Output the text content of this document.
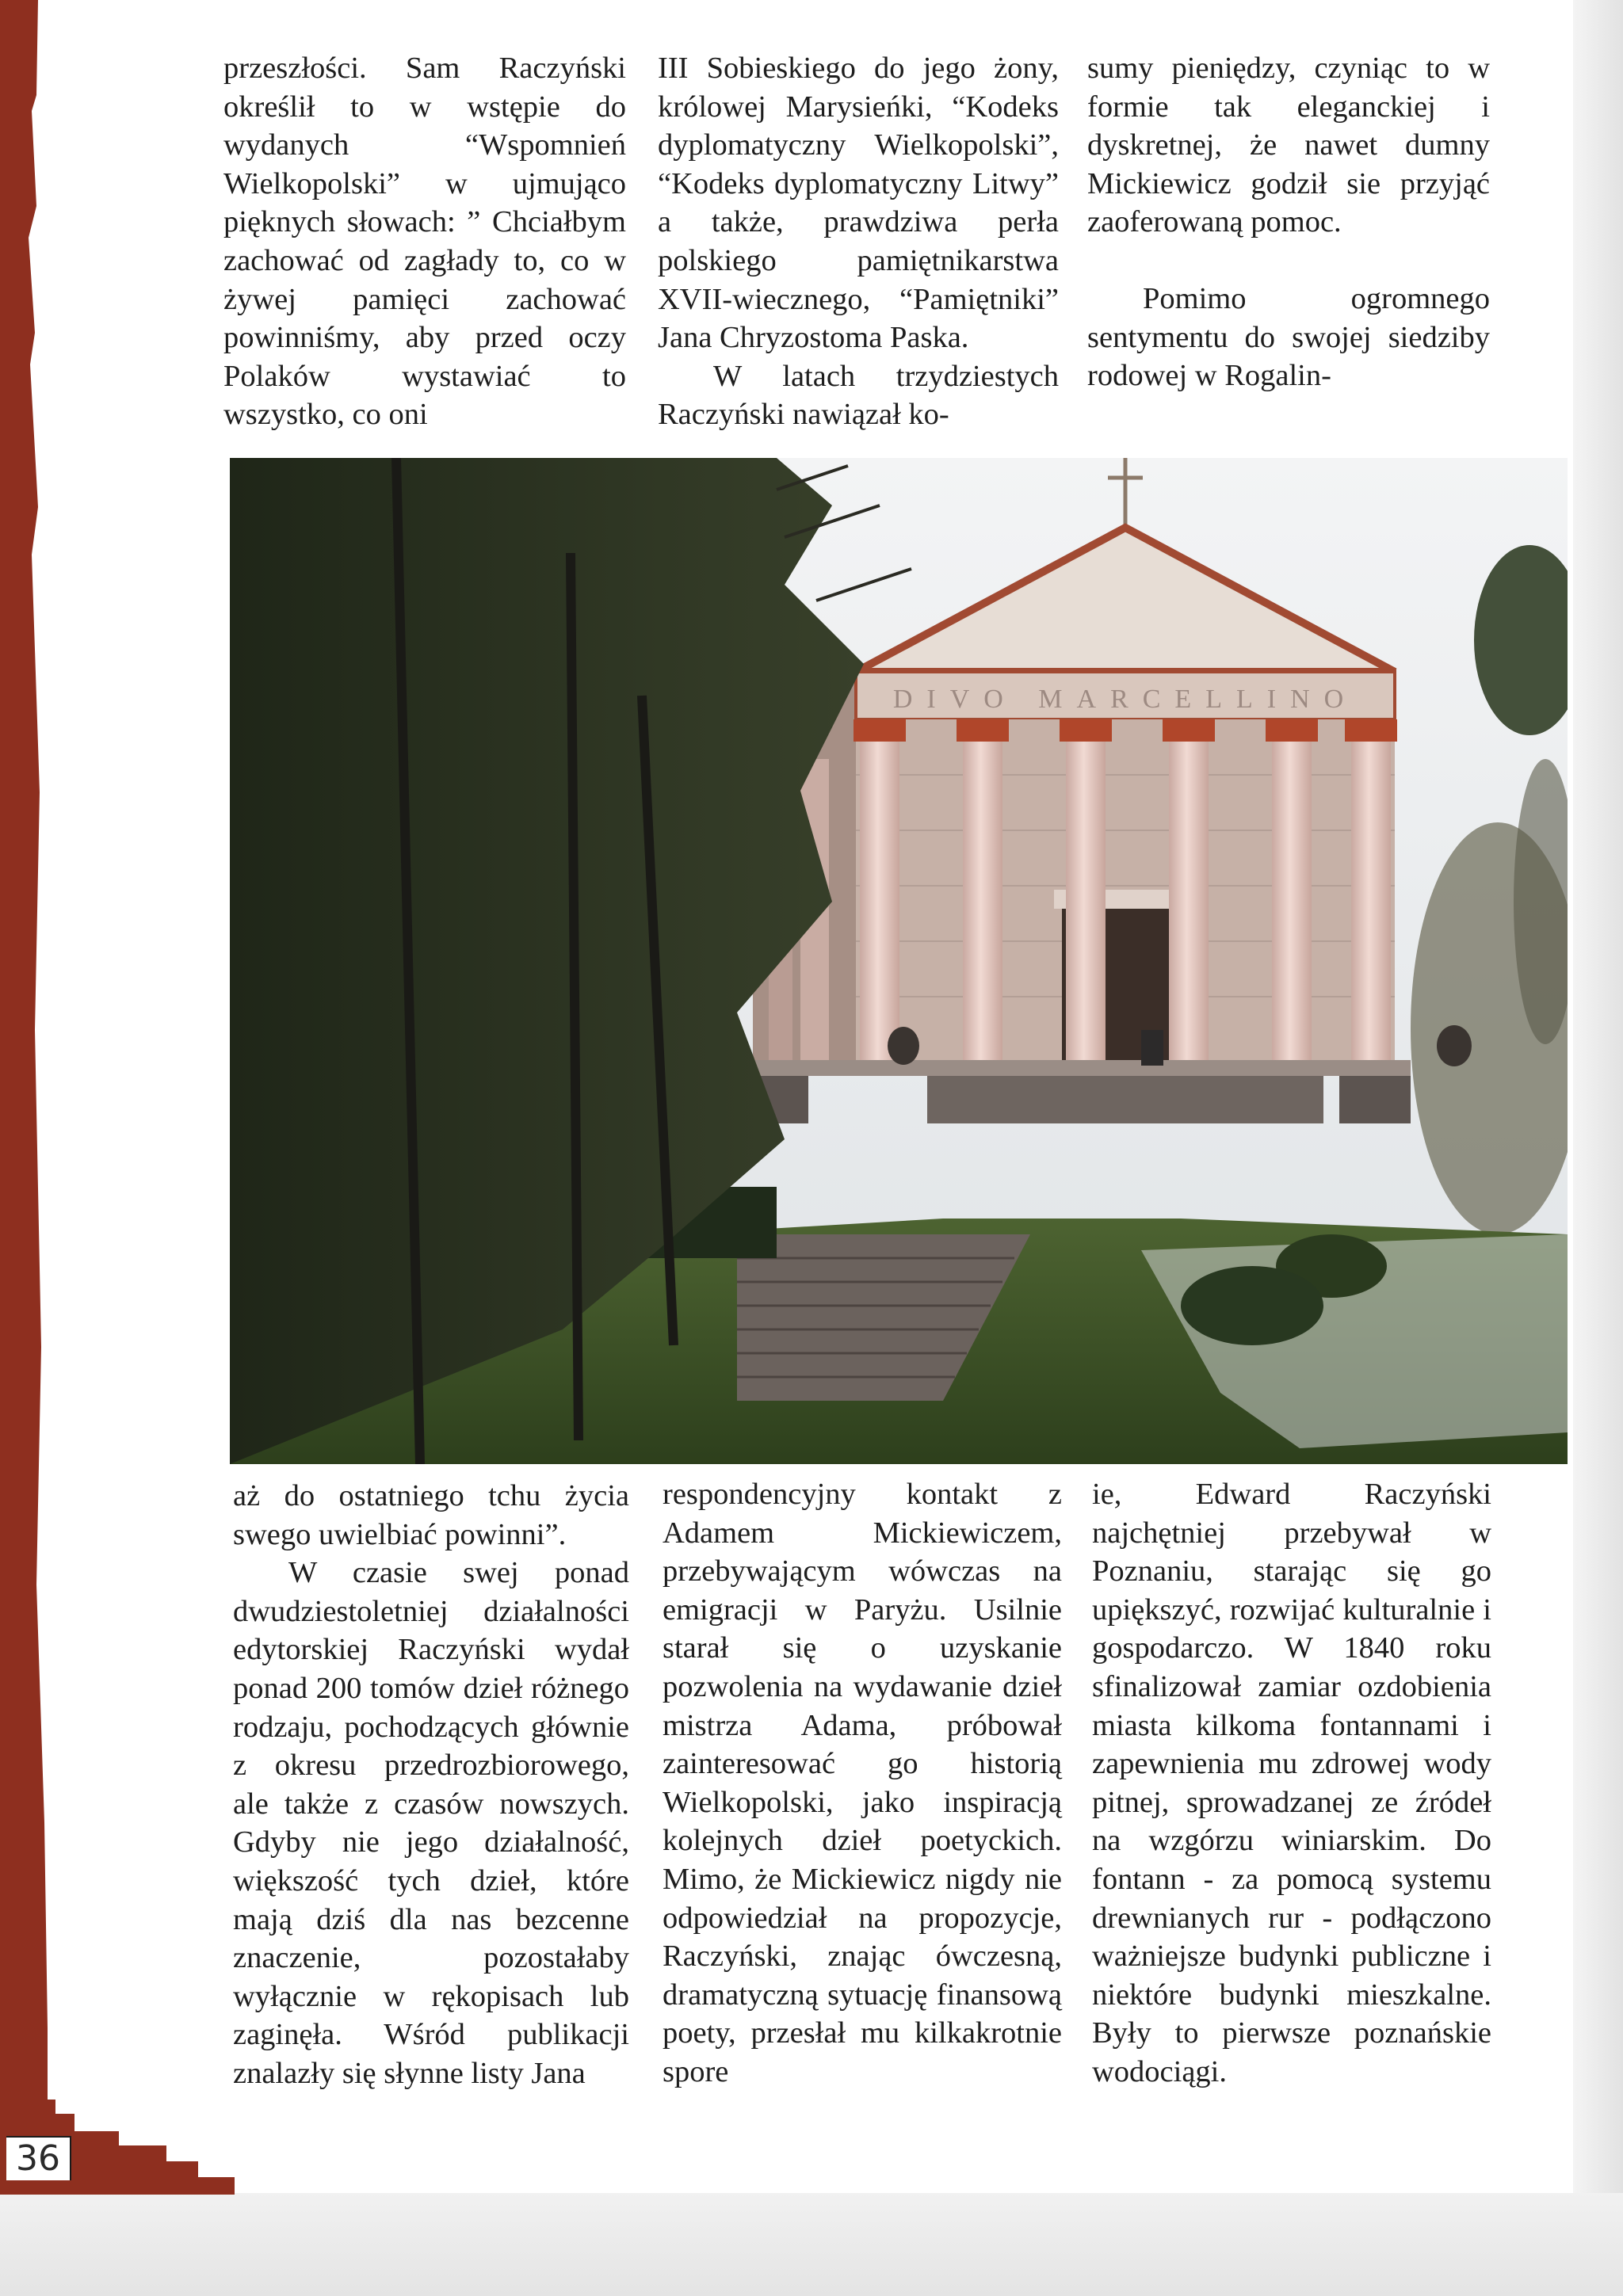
przeszłości. Sam Raczyński określił to w wstępie do wydanych “Wspomnień Wielkopolski” w ujmująco pięknych słowach: ” Chciałbym zachować od zagłady to, co w żywej pamięci zachować powinniśmy, aby przed oczy Polaków wystawiać to wszystko, co oni

III Sobieskiego do jego żony, królowej Marysieńki, “Kodeks dyplomatyczny Wielkopolski”, “Kodeks dyplomatyczny Litwy” a także, prawdziwa perła polskiego pamiętnikarstwa XVII-wiecznego, “Pamiętniki” Jana Chryzostoma Paska.

W latach trzydziestych Raczyński nawiązał ko-

sumy pieniędzy, czyniąc to w formie tak eleganckiej i dyskretnej, że nawet dumny Mickiewicz godził sie przyjąć zaoferowaną pomoc.

Pomimo ogromnego sentymentu do swojej siedziby rodowej w Rogalin-

DIVO MARCELLINO

aż do ostatniego tchu życia swego uwielbiać powinni”.

W czasie swej ponad dwudziestoletniej działalności edytorskiej Raczyński wydał ponad 200 tomów dzieł różnego rodzaju, pochodzących głównie z okresu przedrozbiorowego, ale także z czasów nowszych. Gdyby nie jego działalność, większość tych dzieł, które mają dziś dla nas bezcenne znaczenie, pozostałaby wyłącznie w rękopisach lub zaginęła. Wśród publikacji znalazły się słynne listy Jana

respondencyjny kontakt z Adamem Mickiewiczem, przebywającym wówczas na emigracji w Paryżu. Usilnie starał się o uzyskanie pozwolenia na wydawanie dzieł mistrza Adama, próbował zainteresować go historią Wielkopolski, jako inspiracją kolejnych dzieł poetyckich. Mimo, że Mickiewicz nigdy nie odpowiedział na propozycje, Raczyński, znając ówczesną, dramatyczną sytuację finansową poety, przesłał mu kilkakrotnie spore

ie, Edward Raczyński najchętniej przebywał w Poznaniu, starając się go upiększyć, rozwijać kulturalnie i gospodarczo. W 1840 roku sfinalizował zamiar ozdobienia miasta kilkoma fontannami i zapewnienia mu zdrowej wody pitnej, sprowadzanej ze źródeł na wzgórzu winiarskim. Do fontann - za pomocą systemu drewnianych rur - podłączono ważniejsze budynki publiczne i niektóre budynki mieszkalne. Były to pierwsze poznańskie wodociągi.

36
